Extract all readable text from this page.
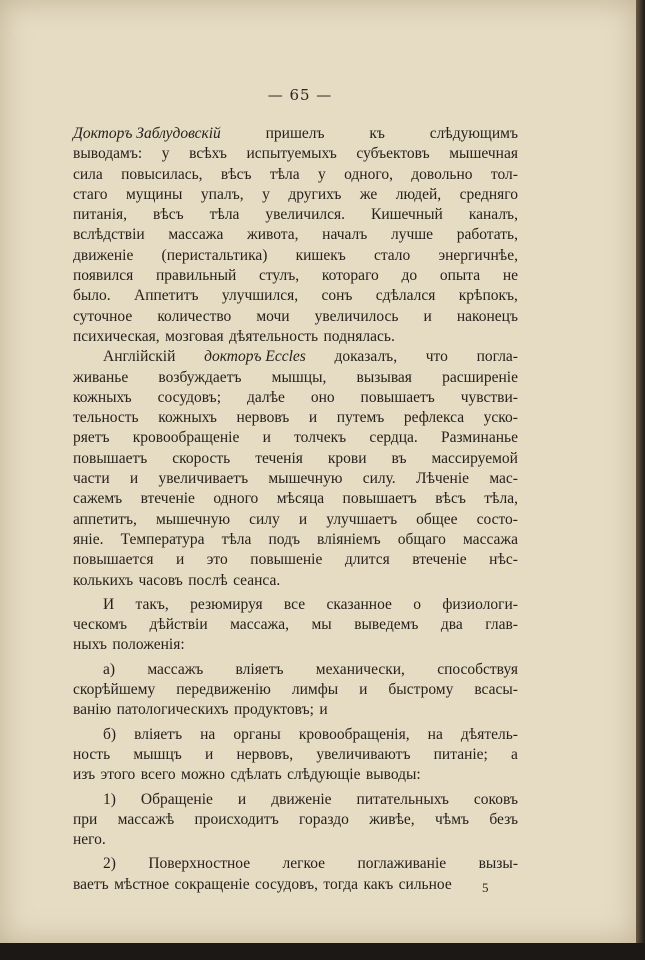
— 65 —
Докторъ Заблудовскій	пришелъ	къ	слѣдующимъ
выводамъ: у всѣхъ испытуемыхъ субъектовъ мышечная
сила повысилась, вѣсъ тѣла у одного, довольно тол-
стаго мущины упалъ, у другихъ же людей, средняго
питанія, вѣсъ тѣла увеличился. Кишечный каналъ,
вслѣдствіи массажа живота, началъ лучше работать,
движеніе (перистальтика) кишекъ стало энергичнѣе,
появился правильный стулъ, котораго до опыта не
было. Аппетитъ улучшился, сонъ сдѣлался крѣпокъ,
суточное количество мочи увеличилось и наконецъ
психическая, мозговая дѣятельность поднялась.
Англійскій докторъ Eccles доказалъ, что погла-
живанье возбуждаетъ мышцы, вызывая расширеніе
кожныхъ сосудовъ; далѣе оно повышаетъ чувстви-
тельность кожныхъ нервовъ и путемъ рефлекса уско-
ряетъ кровообращеніе и толчекъ сердца. Разминанье
повышаетъ скорость теченія крови въ массируемой
части и увеличиваетъ мышечную силу. Лѣченіе мас-
сажемъ втеченіе одного мѣсяца повышаетъ вѣсъ тѣла,
аппетитъ, мышечную силу и улучшаетъ общее состо-
яніе. Температура тѣла подъ вліяніемъ общаго массажа
повышается и это повышеніе длится втеченіе нѣс-
колькихъ часовъ послѣ сеанса.
И такъ, резюмируя все сказанное о физиологи-
ческомъ дѣйствіи массажа, мы выведемъ два глав-
ныхъ положенія:
а) массажъ вліяетъ механически, способствуя
скорѣйшему передвиженію лимфы и быстрому всасы-
ванію патологическихъ продуктовъ; и
б) вліяетъ на органы кровообращенія, на дѣятель-
ность мышцъ и нервовъ, увеличиваютъ питаніе; а
изъ этого всего можно сдѣлать слѣдующіе выводы:
1) Обращеніе и движеніе питательныхъ соковъ
при массажѣ происходитъ гораздо живѣе, чѣмъ безъ
него.
2) Поверхностное легкое поглаживаніе вызы-
ваетъ мѣстное сокращеніе сосудовъ, тогда какъ сильное 5
